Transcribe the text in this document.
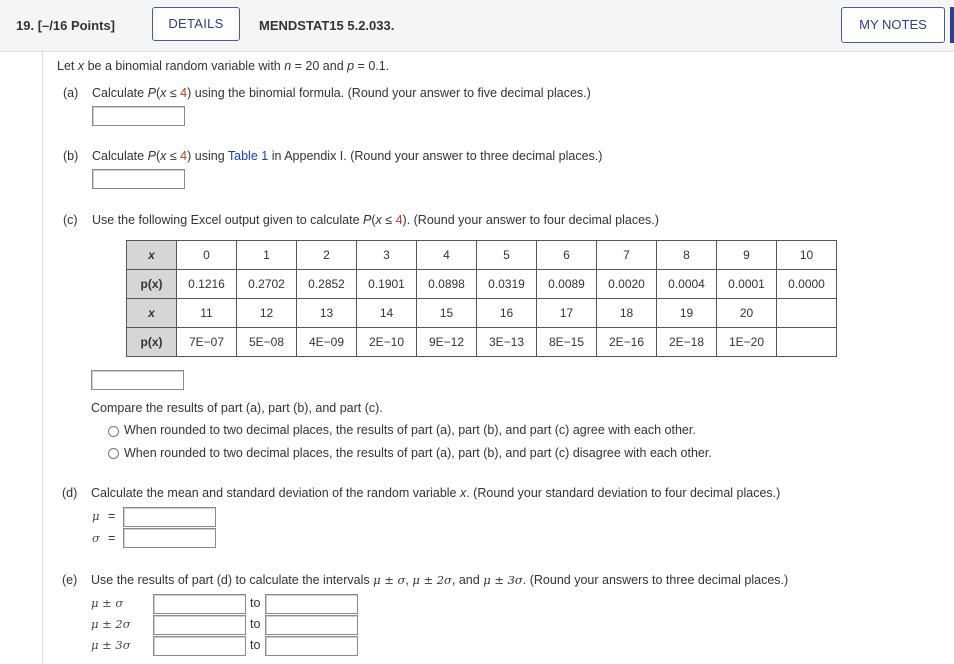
19. [–/16 Points]	DETAILS	MENDSTAT15 5.2.033.	MY NOTES
Let x be a binomial random variable with n = 20 and p = 0.1.
(a) Calculate P(x ≤ 4) using the binomial formula. (Round your answer to five decimal places.)
(b) Calculate P(x ≤ 4) using Table 1 in Appendix I. (Round your answer to three decimal places.)
(c) Use the following Excel output given to calculate P(x ≤ 4). (Round your answer to four decimal places.)
x	0	1	2	3	4	5	6	7	8	9	10
p(x)	0.1216	0.2702	0.2852	0.1901	0.0898	0.0319	0.0089	0.0020	0.0004	0.0001	0.0000
x	11	12	13	14	15	16	17	18	19	20	
p(x)	7E−07	5E−08	4E−09	2E−10	9E−12	3E−13	8E−15	2E−16	2E−18	1E−20	
Compare the results of part (a), part (b), and part (c).
When rounded to two decimal places, the results of part (a), part (b), and part (c) agree with each other.
When rounded to two decimal places, the results of part (a), part (b), and part (c) disagree with each other.
(d) Calculate the mean and standard deviation of the random variable x. (Round your standard deviation to four decimal places.)
μ =
σ =
(e) Use the results of part (d) to calculate the intervals μ ± σ, μ ± 2σ, and μ ± 3σ. (Round your answers to three decimal places.)
μ ± σ	to
μ ± 2σ	to
μ ± 3σ	to
